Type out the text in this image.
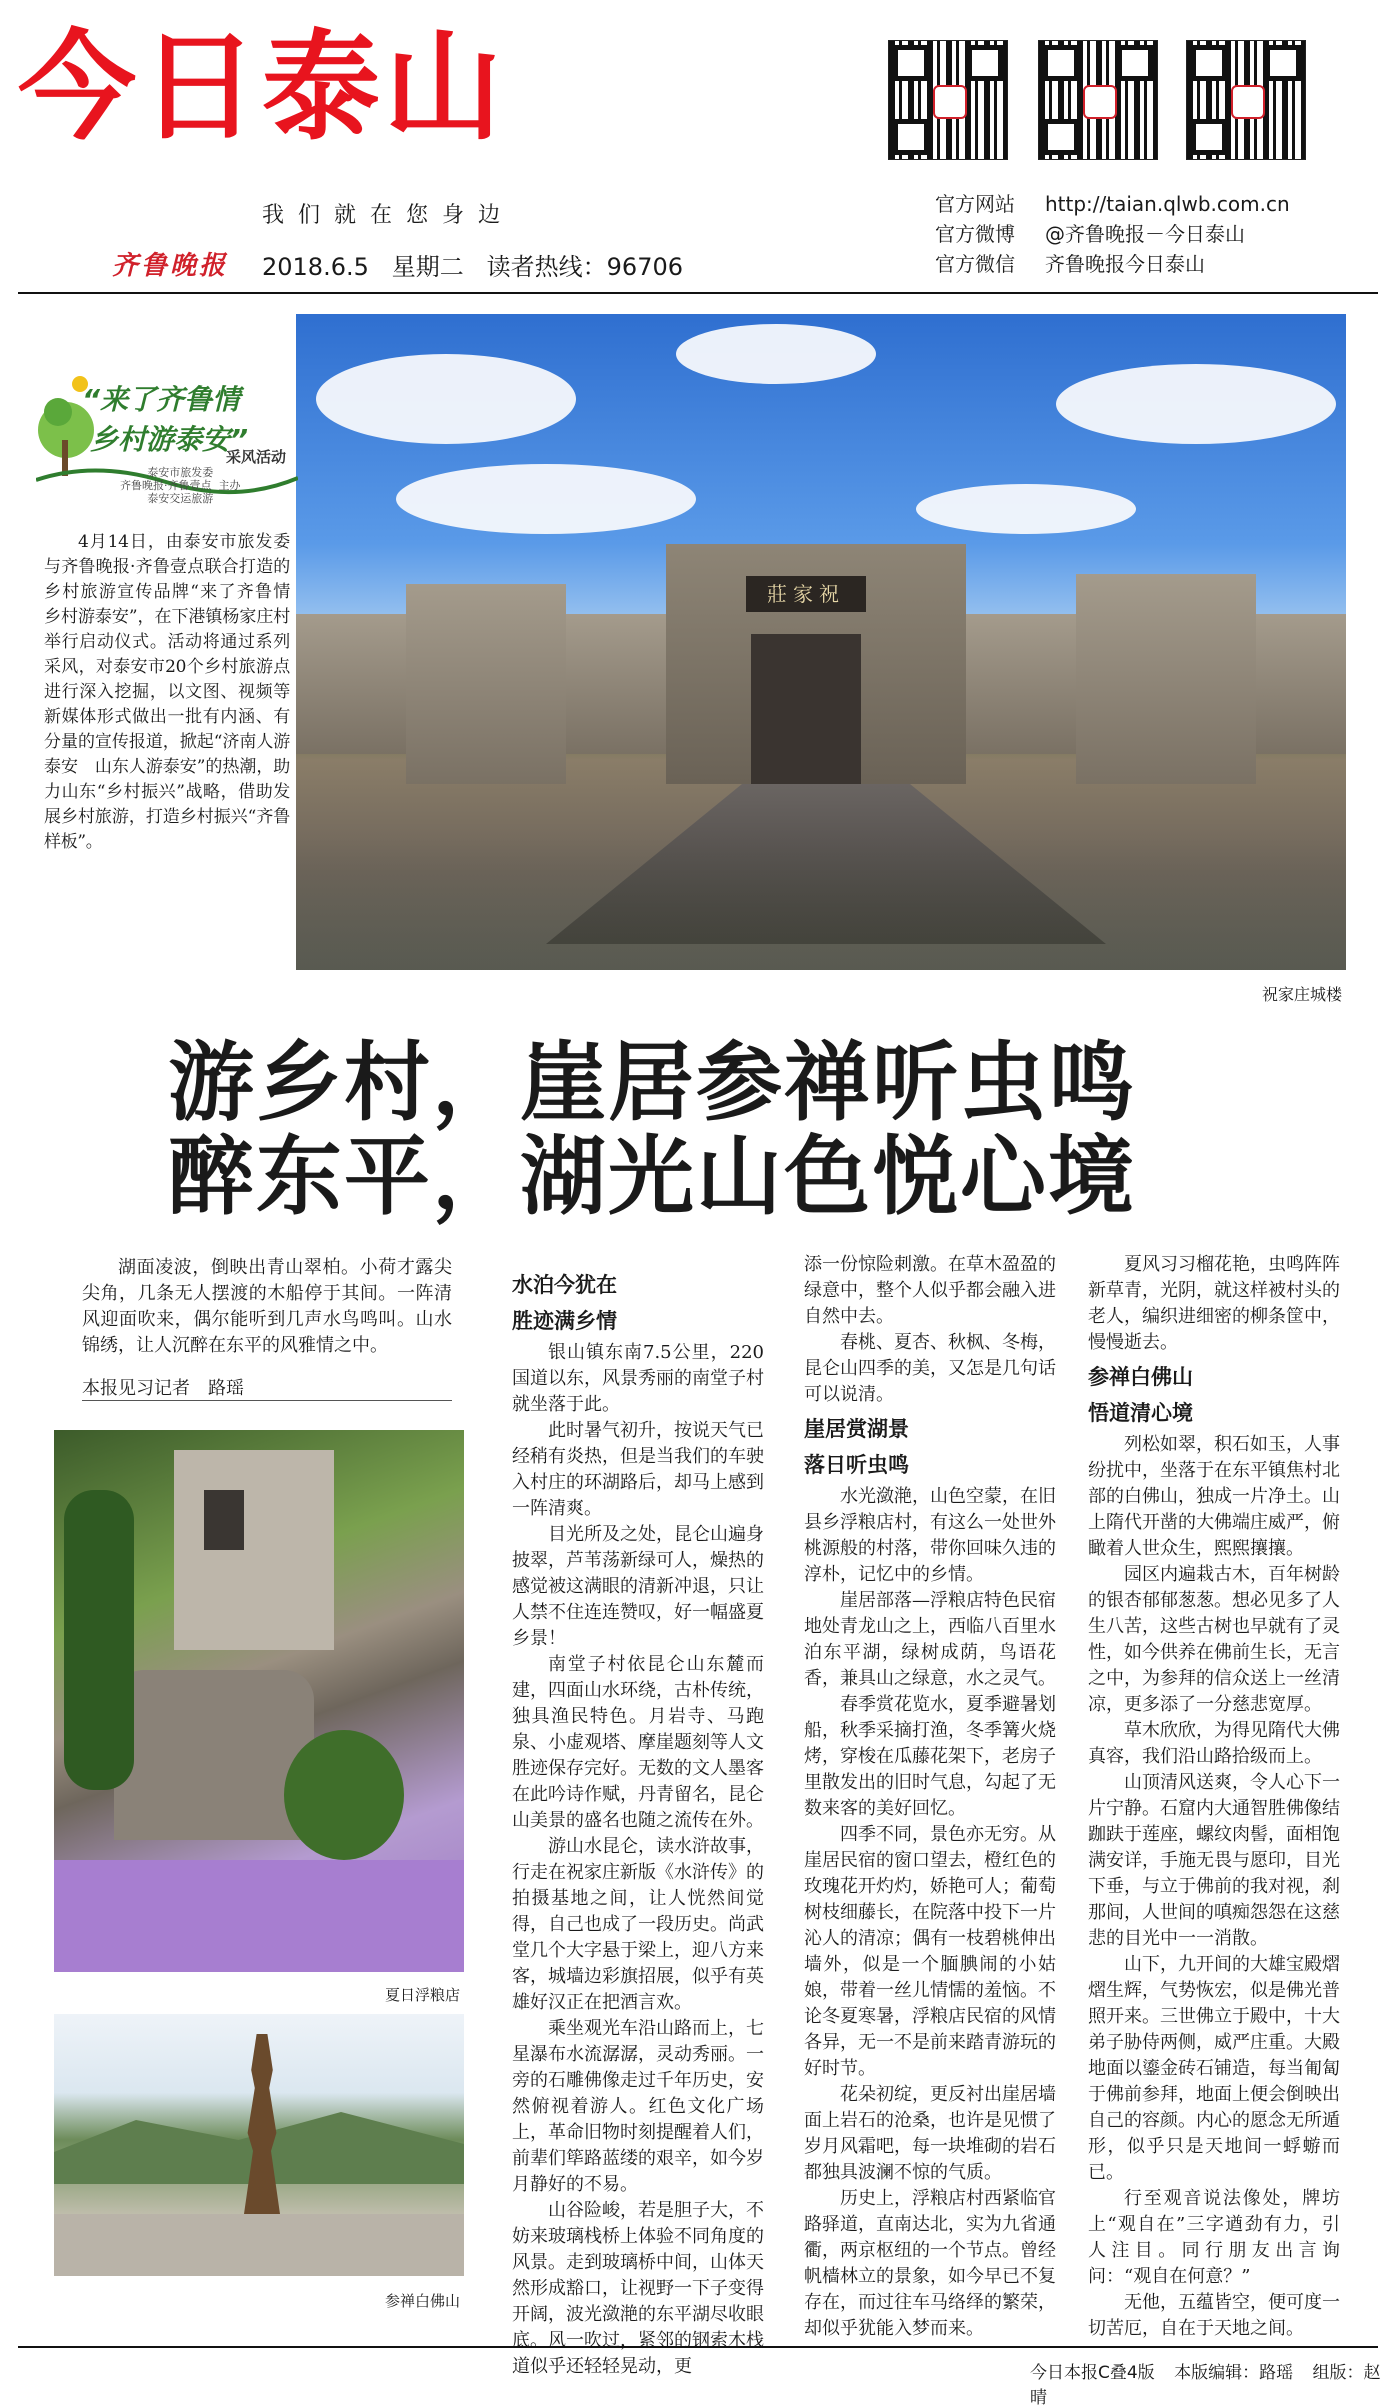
今日泰山
我们就在您身边
齐鲁晚报 2018.6.5 星期二 读者热线：96706
官方网站 http://taian.qlwb.com.cn
官方微博 @齐鲁晚报－今日泰山
官方微信 齐鲁晚报今日泰山
莊家祝
祝家庄城楼
“来了齐鲁情
乡村游泰安”
采风活动
泰安市旅发委
齐鲁晚报·齐鲁壹点  主办
泰安交运旅游
4月14日，由泰安市旅发委与齐鲁晚报·齐鲁壹点联合打造的乡村旅游宣传品牌“来了齐鲁情 乡村游泰安”，在下港镇杨家庄村举行启动仪式。活动将通过系列采风，对泰安市20个乡村旅游点进行深入挖掘，以文图、视频等新媒体形式做出一批有内涵、有分量的宣传报道，掀起“济南人游泰安　山东人游泰安”的热潮，助力山东“乡村振兴”战略，借助发展乡村旅游，打造乡村振兴“齐鲁样板”。
游乡村，崖居参禅听虫鸣
醉东平，湖光山色悦心境
湖面凌波，倒映出青山翠柏。小荷才露尖尖角，几条无人摆渡的木船停于其间。一阵清风迎面吹来，偶尔能听到几声水鸟鸣叫。山水锦绣，让人沉醉在东平的风雅情之中。
本报见习记者　路瑶
夏日浮粮店
参禅白佛山
水泊今犹在
胜迹满乡情

银山镇东南7.5公里，220国道以东，风景秀丽的南堂子村就坐落于此。

此时暑气初升，按说天气已经稍有炎热，但是当我们的车驶入村庄的环湖路后，却马上感到一阵清爽。

目光所及之处，昆仑山遍身披翠，芦苇荡新绿可人，燥热的感觉被这满眼的清新冲退，只让人禁不住连连赞叹，好一幅盛夏乡景！

南堂子村依昆仑山东麓而建，四面山水环绕，古朴传统，独具渔民特色。月岩寺、马跑泉、小虚观塔、摩崖题刻等人文胜迹保存完好。无数的文人墨客在此吟诗作赋，丹青留名，昆仑山美景的盛名也随之流传在外。

游山水昆仑，读水浒故事，行走在祝家庄新版《水浒传》的拍摄基地之间，让人恍然间觉得，自己也成了一段历史。尚武堂几个大字悬于梁上，迎八方来客，城墙边彩旗招展，似乎有英雄好汉正在把酒言欢。

乘坐观光车沿山路而上，七星瀑布水流潺潺，灵动秀丽。一旁的石雕佛像走过千年历史，安然俯视着游人。红色文化广场上，革命旧物时刻提醒着人们，前辈们筚路蓝缕的艰辛，如今岁月静好的不易。

山谷险峻，若是胆子大，不妨来玻璃栈桥上体验不同角度的风景。走到玻璃桥中间，山体天然形成豁口，让视野一下子变得开阔，波光潋滟的东平湖尽收眼底。风一吹过，紧邻的钢索木栈道似乎还轻轻晃动，更

添一份惊险刺激。在草木盈盈的绿意中，整个人似乎都会融入进自然中去。

春桃、夏杏、秋枫、冬梅，昆仑山四季的美，又怎是几句话可以说清。

崖居赏湖景
落日听虫鸣

水光潋滟，山色空蒙，在旧县乡浮粮店村，有这么一处世外桃源般的村落，带你回味久违的淳朴，记忆中的乡情。

崖居部落—浮粮店特色民宿地处青龙山之上，西临八百里水泊东平湖，绿树成荫，鸟语花香，兼具山之绿意，水之灵气。

春季赏花览水，夏季避暑划船，秋季采摘打渔，冬季篝火烧烤，穿梭在瓜藤花架下，老房子里散发出的旧时气息，勾起了无数来客的美好回忆。

四季不同，景色亦无穷。从崖居民宿的窗口望去，橙红色的玫瑰花开灼灼，娇艳可人；葡萄树枝细藤长，在院落中投下一片沁人的清凉；偶有一枝碧桃伸出墙外，似是一个腼腆闹的小姑娘，带着一丝儿情懦的羞恼。不论冬夏寒暑，浮粮店民宿的风情各异，无一不是前来踏青游玩的好时节。

花朵初绽，更反衬出崖居墙面上岩石的沧桑，也许是见惯了岁月风霜吧，每一块堆砌的岩石都独具波澜不惊的气质。

历史上，浮粮店村西紧临官路驿道，直南达北，实为九省通衢，两京枢纽的一个节点。曾经帆樯林立的景象，如今早已不复存在，而过往车马络绎的繁荣，却似乎犹能入梦而来。

夏风习习榴花艳，虫鸣阵阵新草青，光阴，就这样被村头的老人，编织进细密的柳条筐中，慢慢逝去。

参禅白佛山
悟道清心境

列松如翠，积石如玉，人事纷扰中，坐落于在东平镇焦村北部的白佛山，独成一片净土。山上隋代开凿的大佛端庄威严，俯瞰着人世众生，熙熙攘攘。

园区内遍栽古木，百年树龄的银杏郁郁葱葱。想必见多了人生八苦，这些古树也早就有了灵性，如今供养在佛前生长，无言之中，为参拜的信众送上一丝清凉，更多添了一分慈悲宽厚。

草木欣欣，为得见隋代大佛真容，我们沿山路拾级而上。

山顶清风送爽，令人心下一片宁静。石窟内大通智胜佛像结跏趺于莲座，螺纹肉髻，面相饱满安详，手施无畏与愿印，目光下垂，与立于佛前的我对视，刹那间，人世间的嗔痴怨怨在这慈悲的目光中一一消散。

山下，九开间的大雄宝殿熠熠生辉，气势恢宏，似是佛光普照开来。三世佛立于殿中，十大弟子胁侍两侧，威严庄重。大殿地面以鎏金砖石铺造，每当匍匐于佛前参拜，地面上便会倒映出自己的容颜。内心的愿念无所遁形，似乎只是天地间一蜉蝣而已。

行至观音说法像处，牌坊上“观自在”三字遒劲有力，引人注目。同行朋友出言询问：“观自在何意？”

无他，五蕴皆空，便可度一切苦厄，自在于天地之间。

今日本报C叠4版 本版编辑：路瑶 组版：赵晴
